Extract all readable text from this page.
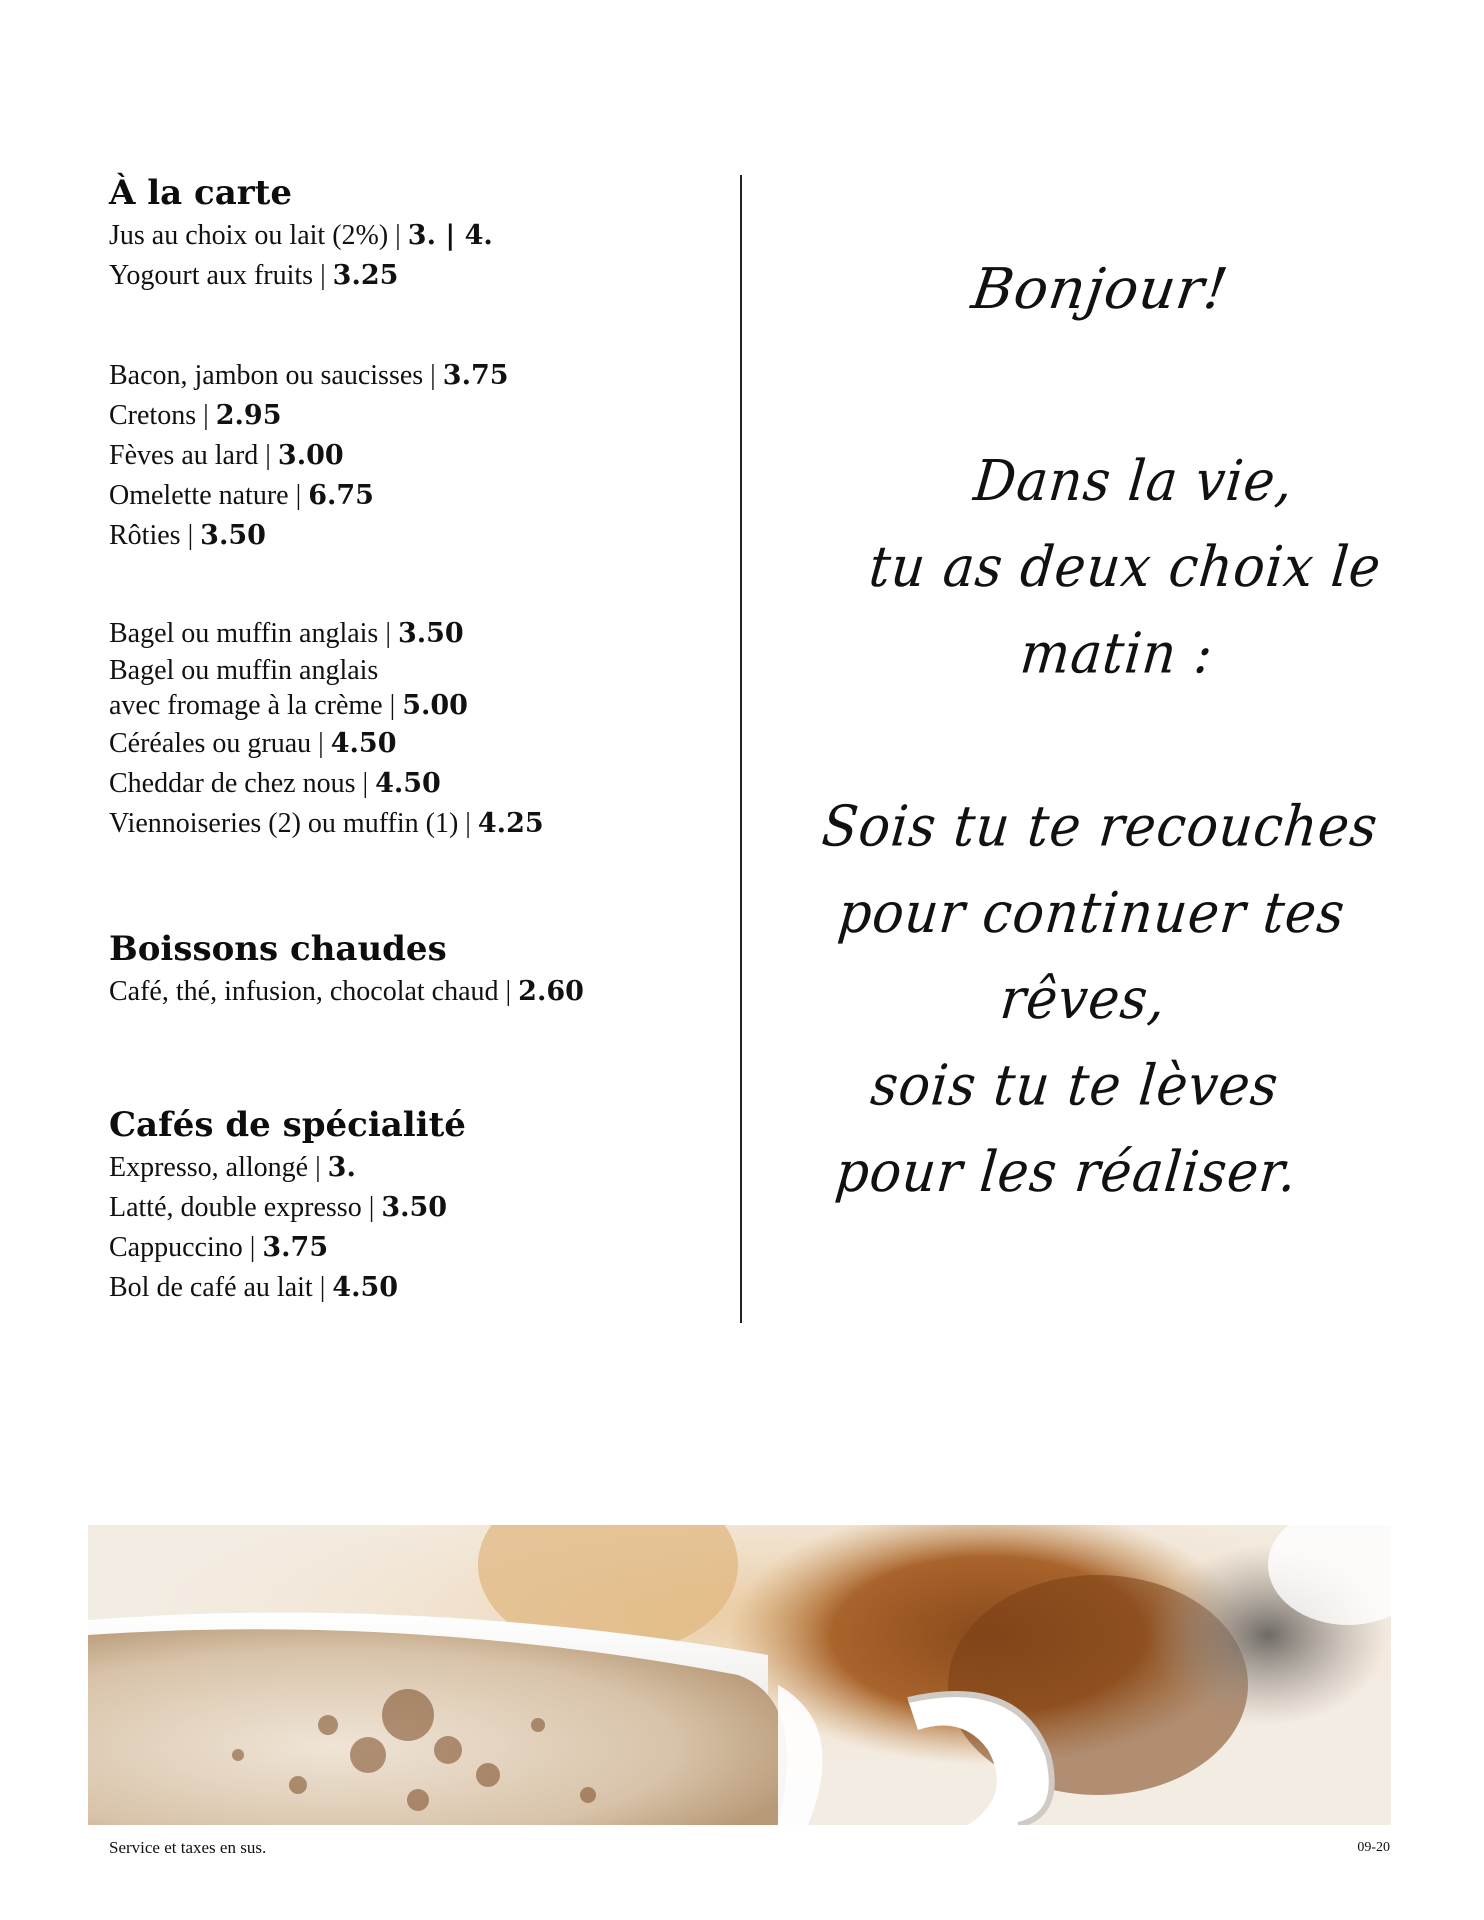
À la carte
Jus au choix ou lait (2%) | 3. | 4.
Yogourt aux fruits | 3.25
Bacon, jambon ou saucisses | 3.75
Cretons | 2.95
Fèves au lard | 3.00
Omelette nature | 6.75
Rôties | 3.50
Bagel ou muffin anglais | 3.50
Bagel ou muffin anglais
avec fromage à la crème | 5.00
Céréales ou gruau | 4.50
Cheddar de chez nous | 4.50
Viennoiseries (2) ou muffin (1) | 4.25
Boissons chaudes
Café, thé, infusion, chocolat chaud | 2.60
Cafés de spécialité
Expresso, allongé | 3.
Latté, double expresso | 3.50
Cappuccino | 3.75
Bol de café au lait | 4.50
Bonjour!
Dans la vie,
tu as deux choix le matin :
Sois tu te recouches
pour continuer tes rêves,
sois tu te lèves
pour les réaliser.
Service et taxes en sus.	09-20
